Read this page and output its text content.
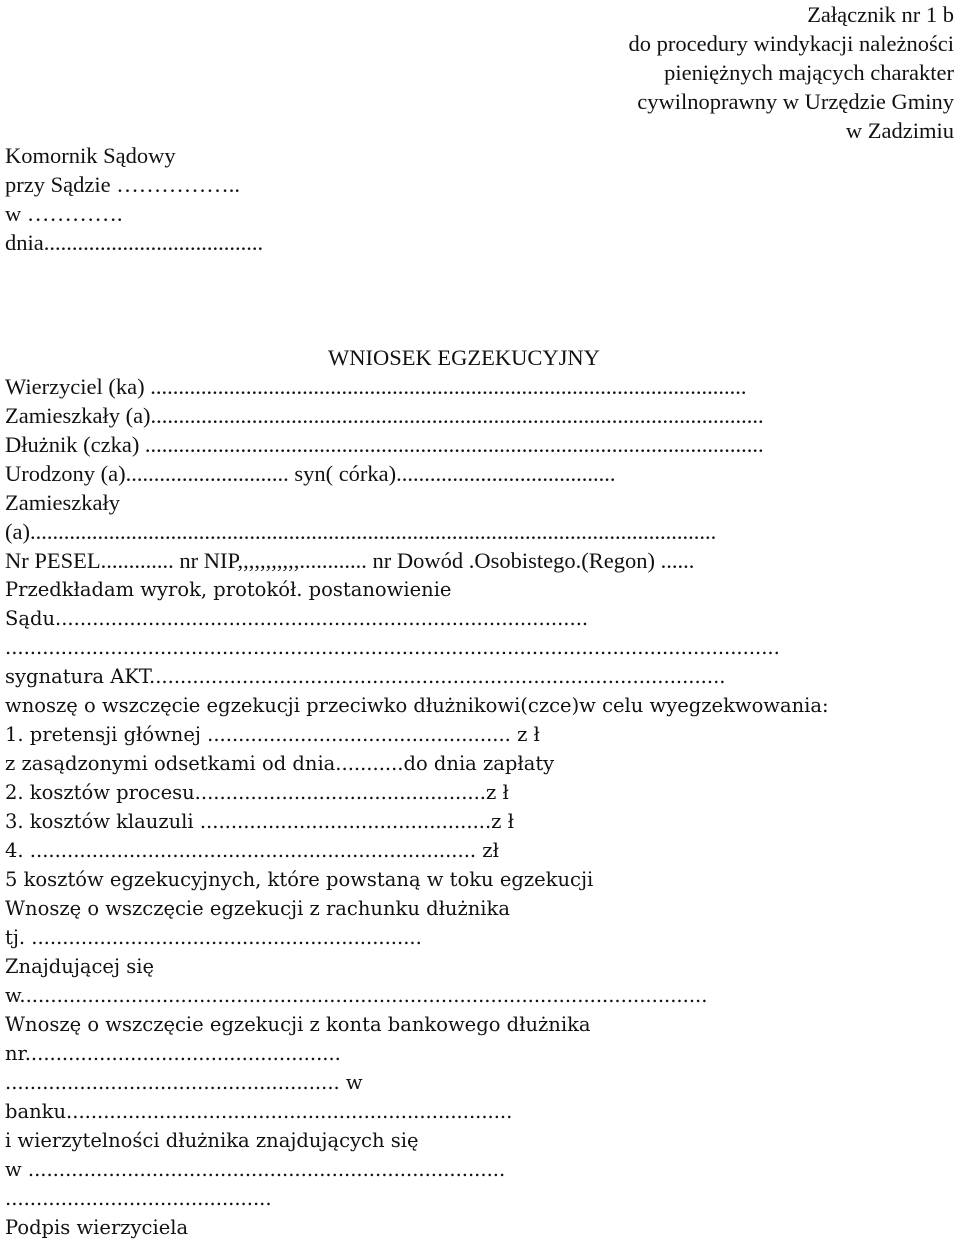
Załącznik nr 1 b
do procedury windykacji należności
pieniężnych mających charakter
cywilnoprawny w Urzędzie Gminy
w Zadzimiu
Komornik Sądowy
przy Sądzie ……………..
w ………….
dnia.......................................
WNIOSEK EGZEKUCYJNY
Wierzyciel (ka) ..........................................................................................................
Zamieszkały (a).............................................................................................................
Dłużnik (czka) ..............................................................................................................
Urodzony (a)............................. syn( córka).......................................
Zamieszkały
(a)..........................................................................................................................
Nr PESEL............. nr NIP,,,,,,,,,,,............ nr Dowód .Osobistego.(Regon) ......
Przedkładam wyrok, protokół. postanowienie
Sądu......................................................................................
.............................................................................................................................
sygnatura AKT.............................................................................................
wnoszę o wszczęcie egzekucji przeciwko dłużnikowi(czce)w celu wyegzekwowania:
1. pretensji głównej ................................................. z ł
z zasądzonymi odsetkami od dnia...........do dnia zapłaty
2. kosztów procesu...............................................z ł
3. kosztów klauzuli ...............................................z ł
4. ........................................................................ zł
5 kosztów egzekucyjnych, które powstaną w toku egzekucji
Wnoszę o wszczęcie egzekucji z rachunku dłużnika
tj. ...............................................................
Znajdującej się
w...............................................................................................................
Wnoszę o wszczęcie egzekucji z konta bankowego dłużnika
nr...................................................
...................................................... w
banku........................................................................
i wierzytelności dłużnika znajdujących się
w .............................................................................
...........................................
Podpis wierzyciela
